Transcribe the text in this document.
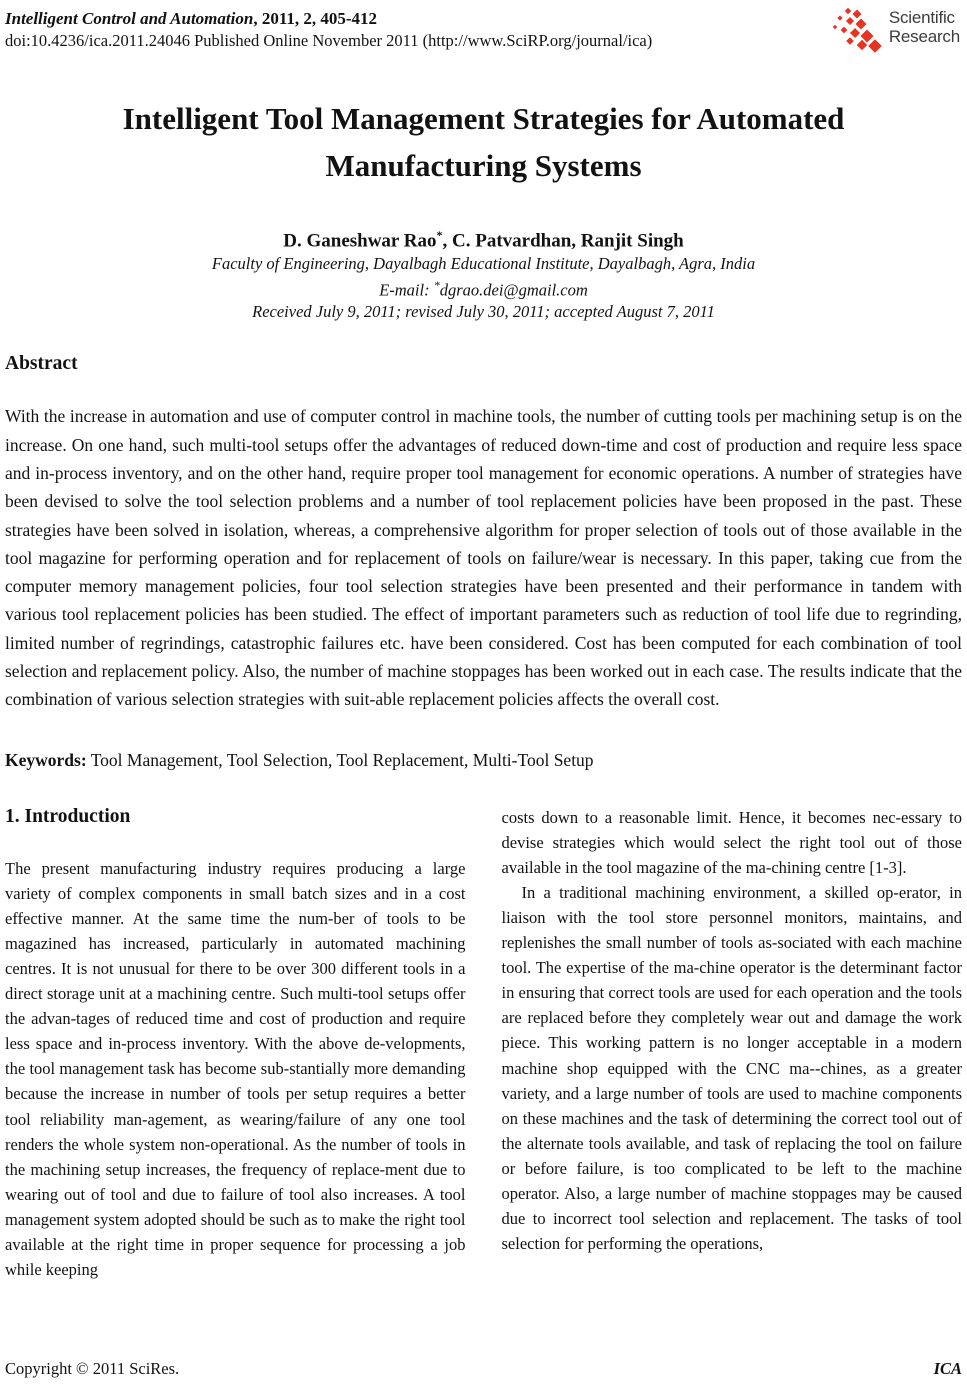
Intelligent Control and Automation, 2011, 2, 405-412
doi:10.4236/ica.2011.24046 Published Online November 2011 (http://www.SciRP.org/journal/ica)
Scientific
Research
Intelligent Tool Management Strategies for Automated Manufacturing Systems
D. Ganeshwar Rao*, C. Patvardhan, Ranjit Singh
Faculty of Engineering, Dayalbagh Educational Institute, Dayalbagh, Agra, India
E-mail: *dgrao.dei@gmail.com
Received July 9, 2011; revised July 30, 2011; accepted August 7, 2011
Abstract
With the increase in automation and use of computer control in machine tools, the number of cutting tools per machining setup is on the increase. On one hand, such multi-tool setups offer the advantages of reduced down-time and cost of production and require less space and in-process inventory, and on the other hand, require proper tool management for economic operations. A number of strategies have been devised to solve the tool selection problems and a number of tool replacement policies have been proposed in the past. These strategies have been solved in isolation, whereas, a comprehensive algorithm for proper selection of tools out of those available in the tool magazine for performing operation and for replacement of tools on failure/wear is necessary. In this paper, taking cue from the computer memory management policies, four tool selection strategies have been presented and their performance in tandem with various tool replacement policies has been studied. The effect of important parameters such as reduction of tool life due to regrinding, limited number of regrindings, catastrophic failures etc. have been considered. Cost has been computed for each combination of tool selection and replacement policy. Also, the number of machine stoppages has been worked out in each case. The results indicate that the combination of various selection strategies with suit-able replacement policies affects the overall cost.
Keywords: Tool Management, Tool Selection, Tool Replacement, Multi-Tool Setup
1. Introduction

The present manufacturing industry requires producing a large variety of complex components in small batch sizes and in a cost effective manner. At the same time the num-ber of tools to be magazined has increased, particularly in automated machining centres. It is not unusual for there to be over 300 different tools in a direct storage unit at a machining centre. Such multi-tool setups offer the advan-tages of reduced time and cost of production and require less space and in-process inventory. With the above de-velopments, the tool management task has become sub-stantially more demanding because the increase in number of tools per setup requires a better tool reliability man-agement, as wearing/failure of any one tool renders the whole system non-operational. As the number of tools in the machining setup increases, the frequency of replace-ment due to wearing out of tool and due to failure of tool also increases. A tool management system adopted should be such as to make the right tool available at the right time in proper sequence for processing a job while keeping

costs down to a reasonable limit. Hence, it becomes nec-essary to devise strategies which would select the right tool out of those available in the tool magazine of the ma-chining centre [1-3].

In a traditional machining environment, a skilled op-erator, in liaison with the tool store personnel monitors, maintains, and replenishes the small number of tools as-sociated with each machine tool. The expertise of the ma-chine operator is the determinant factor in ensuring that correct tools are used for each operation and the tools are replaced before they completely wear out and damage the work piece. This working pattern is no longer acceptable in a modern machine shop equipped with the CNC ma--chines, as a greater variety, and a large number of tools are used to machine components on these machines and the task of determining the correct tool out of the alternate tools available, and task of replacing the tool on failure or before failure, is too complicated to be left to the machine operator. Also, a large number of machine stoppages may be caused due to incorrect tool selection and replacement. The tasks of tool selection for performing the operations,

Copyright © 2011 SciRes.	ICA
